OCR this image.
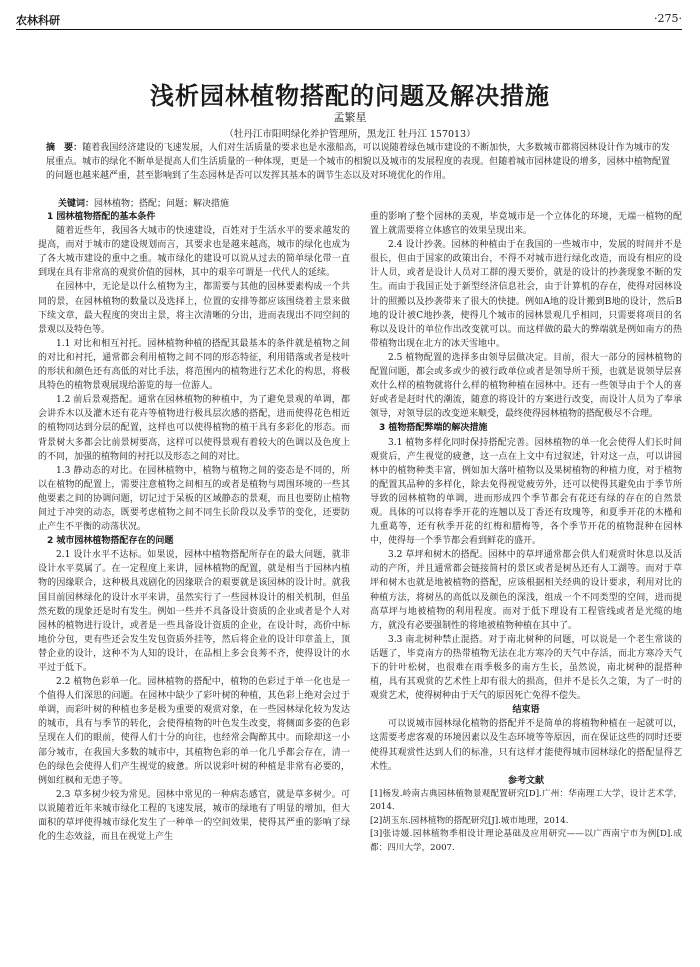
农林科研	·275·
浅析园林植物搭配的问题及解决措施
孟繁星
（牡丹江市阳明绿化养护管理所，黑龙江 牡丹江 157013）
摘　要：随着我国经济建设的飞速发展，人们对生活质量的要求也是水涨船高，可以说随着绿色城市建设的不断加快，大多数城市都将园林设计作为城市的发展重点。城市的绿化不断单是提高人们生活质量的一种体现，更是一个城市的相貌以及城市的发展程度的表现。但随着城市园林建设的增多，园林中植物配置的问题也越来越严重，甚至影响到了生态园林是否可以发挥其基本的调节生态以及对环境优化的作用。
关键词：园林植物；搭配；问题；解决措施
1 园林植物搭配的基本条件
随着近些年，我国各大城市的快速建设，百姓对于生活水平的要求越发的提高，而对于城市的建设规划而言，其要求也是越来越高，城市的绿化也成为了各大城市建设的重中之重。城市绿化的建设可以说从过去的简单绿化带一直到现在具有非常高的观赏价值的园林，其中的艰辛可谓是一代代人的延续。
在园林中，无论是以什么植物为主，都需要与其他的园林要素构成一个共同的景，在园林植物的数量以及选择上，位置的安排等都应该围绕着主景来做下续文章，最大程度的突出主景，将主次清晰的分出，进而表现出不同空间的景观以及特色等。
1.1 对比和相互衬托。园林植物种植的搭配其最基本的条件就是植物之间的对比和衬托，通常都会利用植物之间不同的形态特征，利用错落或者是枝叶的形状和颜色还有高低的对比手法，将范围内的植物进行艺术化的构思，将极具特色的植物景观展现给游览的每一位游人。
1.2 前后景观搭配。通常在园林植物的种植中，为了避免景观的单调，都会讲乔木以及灌木还有花卉等植物进行极具层次感的搭配，进而使得花色相近的植物同达到分层的配置，这样也可以使得植物的植干具有多彩化的形态。而背景树大多都会比前景树要高，这样可以使得景观有着较大的色调以及色度上的不同，加强的植物间的衬托以及形态之间的对比。
1.3 静动态的对比。在园林植物中，植物与植物之间的姿态是不同的，所以在植物的配置上，需要注意植物之间相互的或者是植物与周围环境的一些其他要素之间的协调问题，切记过于呆板的区域静态的景观，而且也要防止植物间过于冲突的动态，既要考虑植物之间不同生长阶段以及季节的变化，还要防止产生不平衡的动荡状况。
2 城市园林植物搭配存在的问题
2.1 设计水平不达标。如果说，园林中植物搭配所存在的最大问题，就非设计水平莫属了。在一定程度上来讲，园林植物的配置，就是相当于园林内植物的因缘联合，这种极具戏剧化的因缘联合的艰要就是该园林的设计时。就我国目前园林绿化的设计水平来讲，虽然实行了一些园林设计的相关机制，但虽然充数的现象还是时有发生。例如一些并不具备设计资质的企业或者是个人对园林的植物进行设计，或者是一些具备设计资质的企业，在设计时，高价中标地价分包，更有些还会发生发包资质外挂等，然后将企业的设计印章盖上，顶替企业的设计，这种不为人知的设计，在品相上多会良莠不齐，使得设计的水平过于低下。
2.2 植物色彩单一化。园林植物的搭配中，植物的色彩过于单一化也是一个值得人们深思的问题。在园林中缺少了彩叶树的种植，其色彩上绝对会过于单调，而彩叶树的种植也多是极为重要的观赏对象，在一些园林绿化较为发达的城市，具有与季节的转化，会使得植物的叶色发生改变，将侧面多姿的色彩呈现在人们的眼前，使得人们十分的向往，也经常会陶醉其中。而除却这一小部分城市，在我国大多数的城市中，其植物色彩的单一化几乎都会存在，清一色的绿色会使得人们产生视觉的疲惫。所以说彩叶树的种植是非常有必要的，例如红枫和无患子等。
2.3 草多树少较为常见。园林中常见的一种病态感官，就是草多树少。可以说随着近年来城市绿化工程的飞速发展，城市的绿地有了明显的增加，但大面积的草坪使得城市绿化发生了一种单一的空间效果，使得其严重的影响了绿化的生态效益，而且在视觉上产生
重的影响了整个园林的美观，毕竟城市是一个立体化的环境，无端一植物的配置上就需要将立体感官的效果呈现出来。
2.4 设计抄袭。园林的种植由于在我国的一些城市中，发展的时间并不是很长，但由于国家的政策出台，不得不对城市进行绿化改造，而设有相应的设计人员，或者是设计人员对工群的漫天要价，就是的设计的抄袭现象不断的发生。而由于我国正处于新型经济信息社会，由于计算机的存在，使得对园林设计的照搬以及抄袭带来了很大的快捷。例如A地的设计搬到B地的设计，然后B地的设计被C地抄袭，使得几个城市的园林景观几乎相同，只需要将项目的名称以及设计的单位作出改变就可以。而这样做的最大的弊端就是例如南方的热带植物出现在北方的冰天雪地中。
2.5 植物配置的选择多由领导层做决定。目前，很大一部分的园林植物的配置问题，都会或多或少的被行政单位或者是领导所干预，也就是说领导层喜欢什么样的植物就将什么样的植物种植在园林中。还有一些领导由于个人的喜好或者是赶时代的潮流，随意的将设计的方案进行改变，而设计人员为了奉承领导，对领导层的改变逆来顺受，最终使得园林植物的搭配极尽不合理。
3 植物搭配弊端的解决措施
3.1 植物多样化同时保持搭配完善。园林植物的单一化会使得人们长时间观赏后，产生视觉的疲惫，这一点在上文中有过叙述，针对这一点，可以讲园林中的植物种类丰富，例如加大落叶植物以及果树植物的种植力度，对于植物的配置其品种的多样化，除去免得视觉疲劳外，还可以使得其避免由于季节所导致的园林植物的单调，进而形成四个季节都会有花还有绿的存在的自然景观。具体的可以将春季开花的连翘以及丁香还有玫瑰等，和夏季开花的木槿和九重葛等，还有秋季开花的红梅和腊梅等，各个季节开花的植物混种在园林中，使得每一个季节都会看到鲜花的盛开。
3.2 草坪和树木的搭配。园林中的草坪通常都会供人们观赏时休息以及活动的产所，并且通常都会链接简村的景区或者是树丛还有人工湖等。而对于草坪和树木也就是地被植物的搭配，应该根据相关经典的设计要求，利用对比的种植方法，将树丛的高低以及颜色的深浅，组成一个不同类型的空间，进而提高草坪与地被植物的利用程度。而对于低下理设有工程管线或者是光缆的地方，就没有必要强制性的将地被植物种植在其中了。
3.3 南北树种禁止混搭。对于南北树种的问题，可以说是一个老生常谈的话题了，毕竟南方的热带植物无法在北方寒冷的天气中存活，而北方寒冷天气下的针叶松树，也很难在雨季极多的南方生长，虽然说，南北树种的混搭种植，具有其观赏的艺术性上却有很大的损高，但并不是长久之策，为了一时的观赏艺术，使得树种由于天气的原因死亡免得不偿失。
结束语
可以说城市园林绿化植物的搭配并不是简单的将植物种植在一起就可以，这需要考虑客观的环境因素以及生态环境等等原因，而在保证这些的同时还要使得其观赏性达到人们的标准，只有这样才能使得城市园林绿化的搭配显得艺术性。
参考文献
[1]杨发.岭南古典园林植物景观配置研究[D].广州：华南理工大学，设计艺术学，2014.
[2]胡玉东.园林植物的搭配研究[J].城市地理，2014.
[3]张诗媛.园林植物季相设计理论基础及应用研究——以广西南宁市为例[D].成都：四川大学，2007.
